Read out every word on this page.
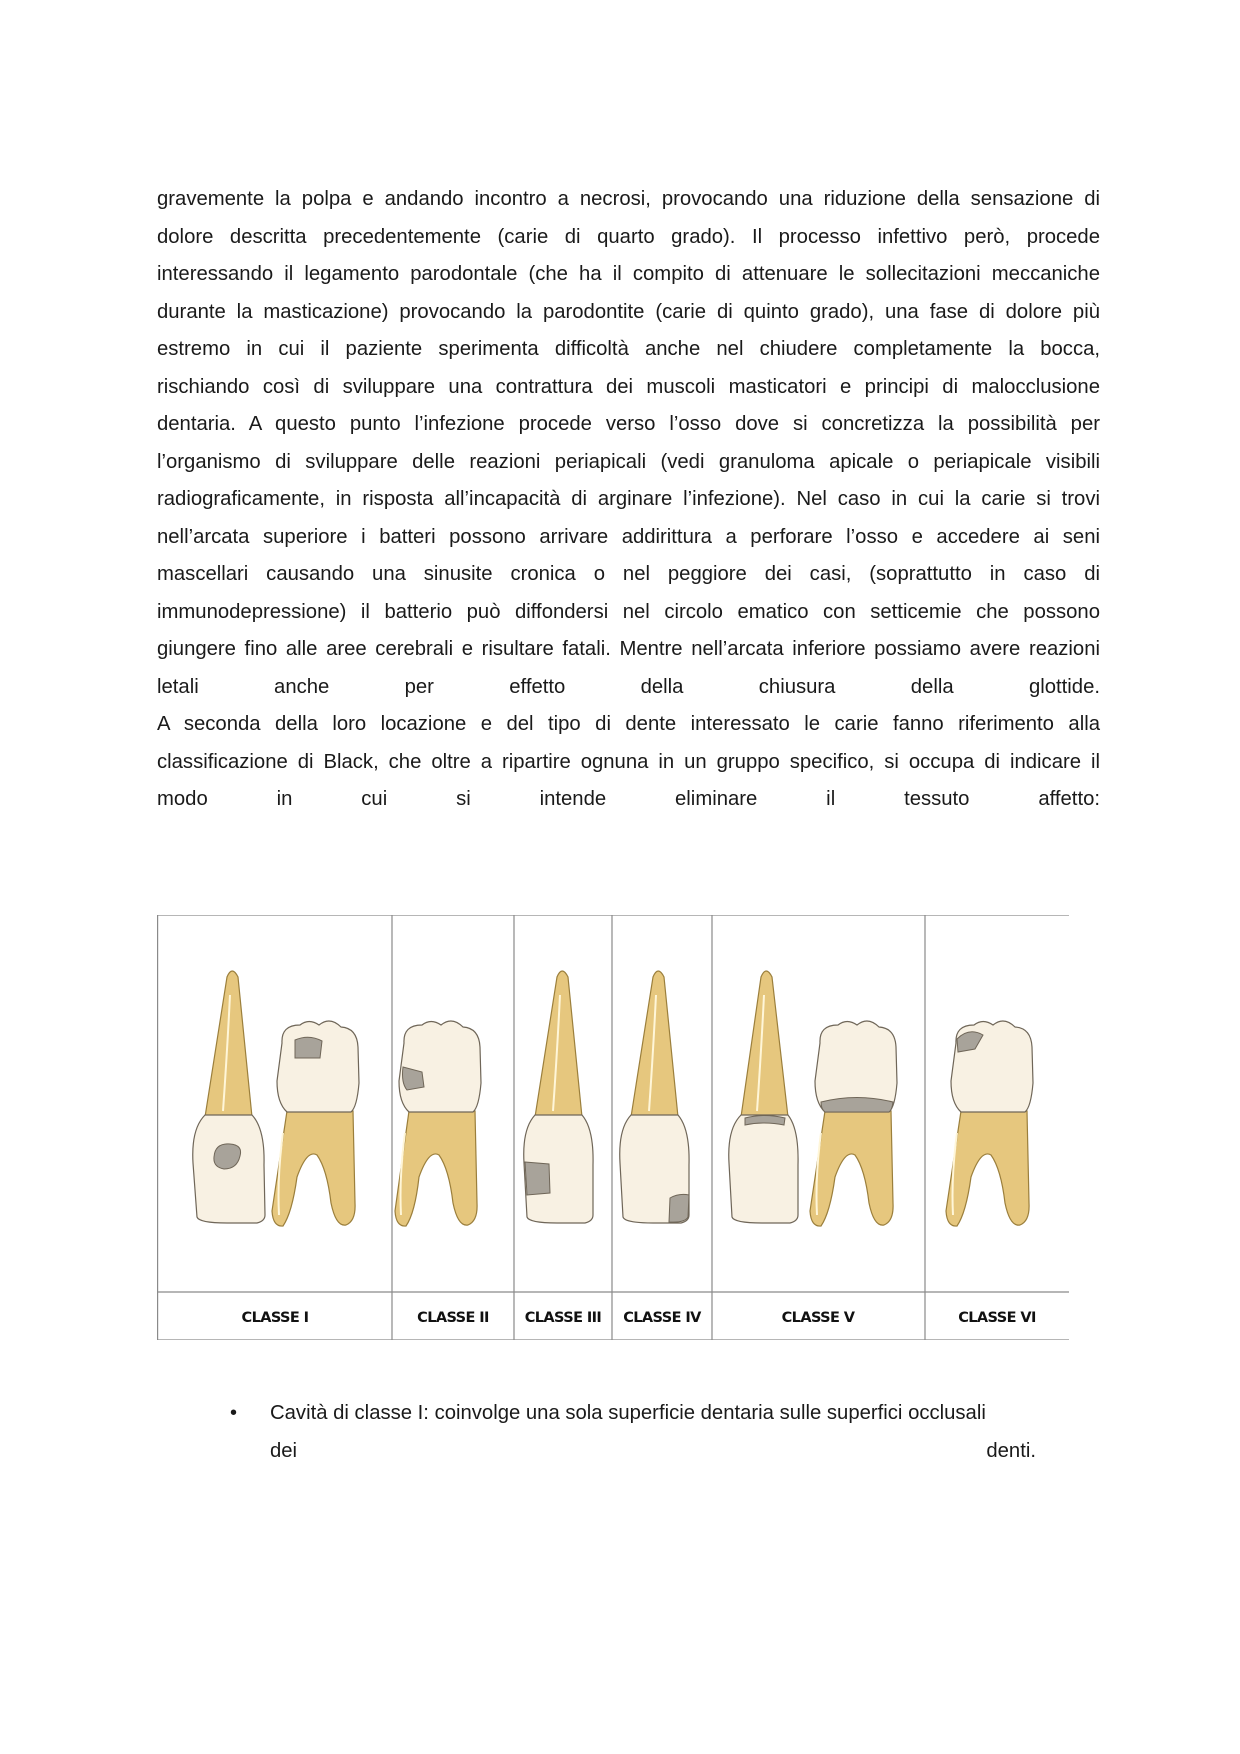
gravemente la polpa e andando incontro a necrosi, provocando una riduzione della sensazione di
dolore descritta precedentemente (carie di quarto grado). Il processo infettivo però, procede
interessando il legamento parodontale (che ha il compito di attenuare le sollecitazioni meccaniche
durante la masticazione) provocando la parodontite (carie di quinto grado), una fase di dolore più
estremo in cui il paziente sperimenta difficoltà anche nel chiudere completamente la bocca,
rischiando così di sviluppare una contrattura dei muscoli masticatori e principi di malocclusione
dentaria. A questo punto l’infezione procede verso l’osso dove si concretizza la possibilità per
l’organismo di sviluppare delle reazioni periapicali (vedi granuloma apicale o periapicale visibili
radiograficamente, in risposta all’incapacità di arginare l’infezione). Nel caso in cui la carie si trovi
nell’arcata superiore i batteri possono arrivare addirittura a perforare l’osso e accedere ai seni
mascellari causando una sinusite cronica o nel peggiore dei casi, (soprattutto in caso di
immunodepressione) il batterio può diffondersi nel circolo ematico con setticemie che possono
giungere fino alle aree cerebrali e risultare fatali. Mentre nell’arcata inferiore possiamo avere reazioni
letali anche per effetto della chiusura della glottide.
A seconda della loro locazione e del tipo di dente interessato le carie fanno riferimento alla
classificazione di Black, che oltre a ripartire ognuna in un gruppo specifico, si occupa di indicare il
modo in cui si intende eliminare il tessuto affetto:
CLASSE I	CLASSE II CLASSE III CLASSE IV	CLASSE V	CLASSE VI
• Cavità di classe I: coinvolge una sola superficie dentaria sulle superfici occlusali
dei denti.
